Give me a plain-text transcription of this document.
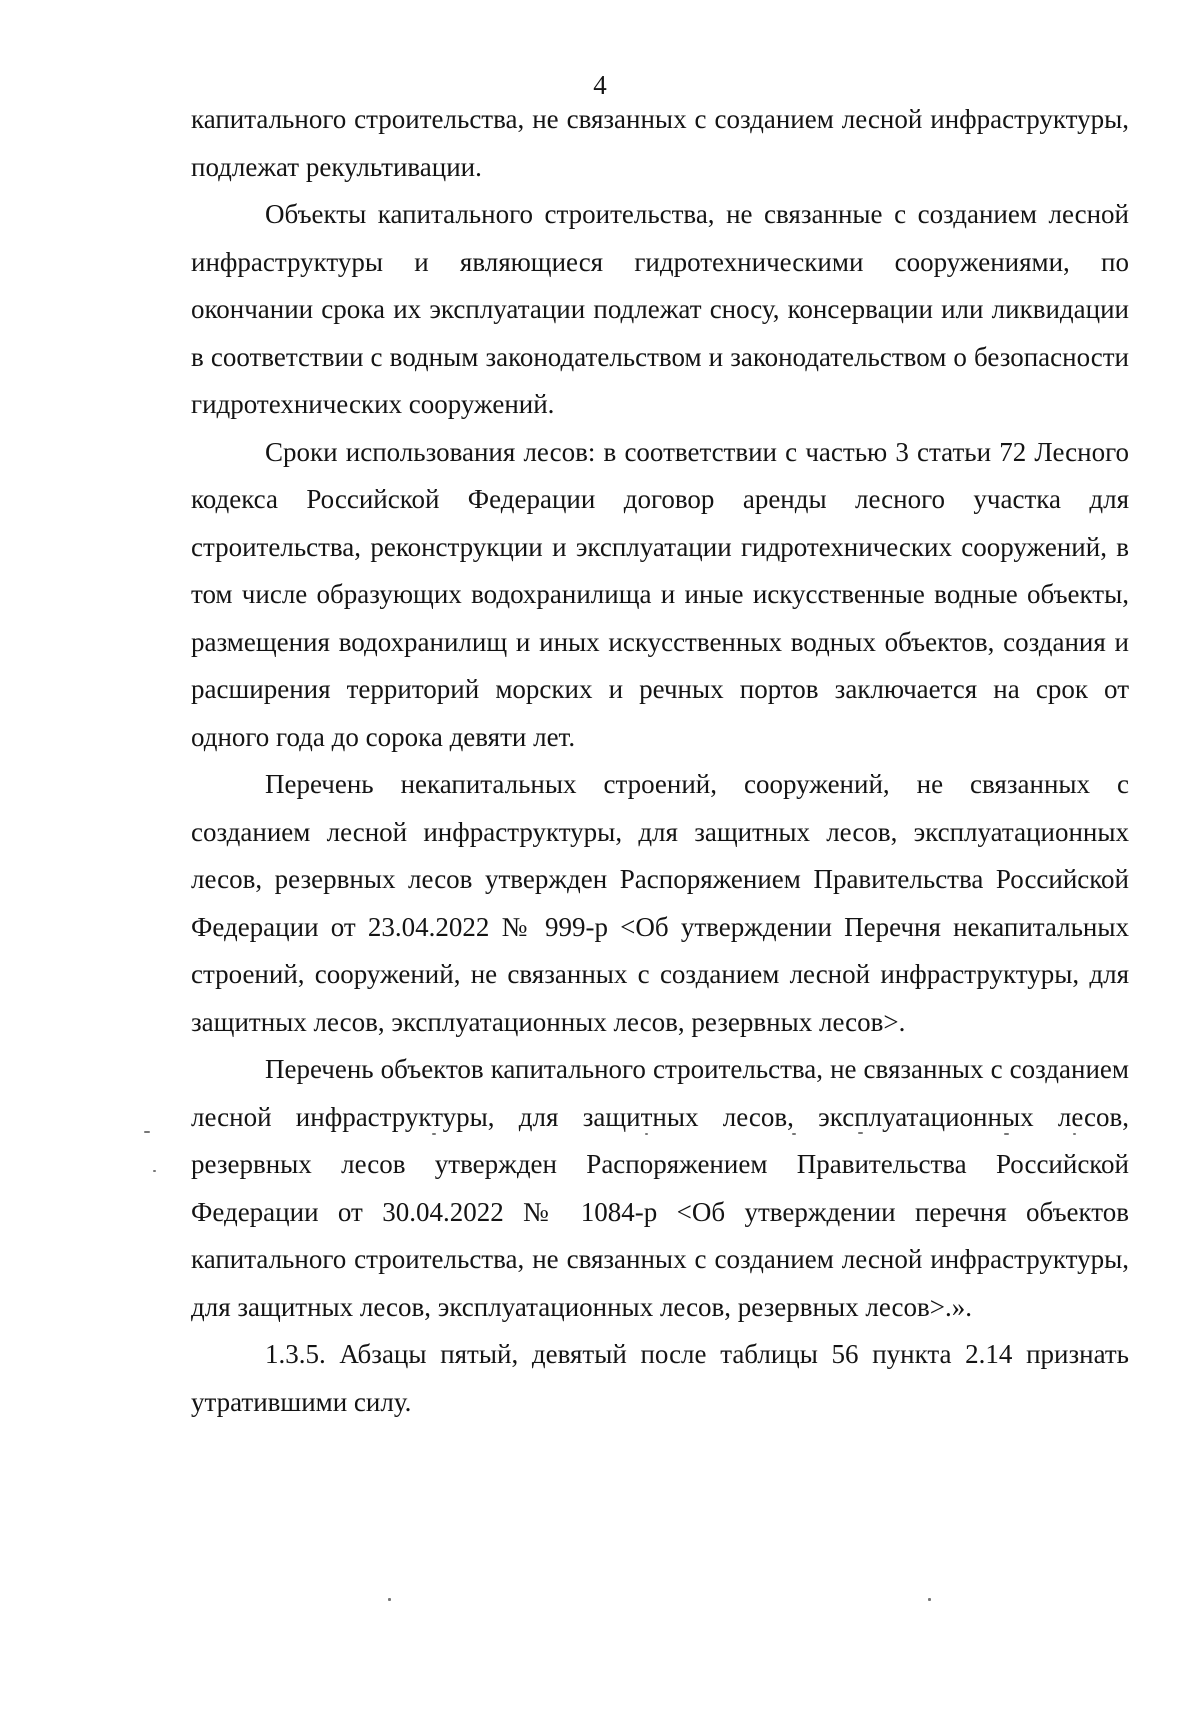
4

капитального строительства, не связанных с созданием лесной инфраструктуры, подлежат рекультивации.

Объекты капитального строительства, не связанные с созданием лесной инфраструктуры и являющиеся гидротехническими сооружениями, по окончании срока их эксплуатации подлежат сносу, консервации или ликвидации в соответствии с водным законодательством и законодательством о безопасности гидротехнических сооружений.

Сроки использования лесов: в соответствии с частью 3 статьи 72 Лесного кодекса Российской Федерации договор аренды лесного участка для строительства, реконструкции и эксплуатации гидротехнических сооружений, в том числе образующих водохранилища и иные искусственные водные объекты, размещения водохранилищ и иных искусственных водных объектов, создания и расширения территорий морских и речных портов заключается на срок от одного года до сорока девяти лет.

Перечень некапитальных строений, сооружений, не связанных с созданием лесной инфраструктуры, для защитных лесов, эксплуатационных лесов, резервных лесов утвержден Распоряжением Правительства Российской Федерации от 23.04.2022 № 999-р <Об утверждении Перечня некапитальных строений, сооружений, не связанных с созданием лесной инфраструктуры, для защитных лесов, эксплуатационных лесов, резервных лесов>.

Перечень объектов капитального строительства, не связанных с созданием лесной инфраструктуры, для защитных лесов, эксплуатационных лесов, резервных лесов утвержден Распоряжением Правительства Российской Федерации от 30.04.2022 № 1084-р <Об утверждении перечня объектов капитального строительства, не связанных с созданием лесной инфраструктуры, для защитных лесов, эксплуатационных лесов, резервных лесов>.».

1.3.5. Абзацы пятый, девятый после таблицы 56 пункта 2.14 признать утратившими силу.
